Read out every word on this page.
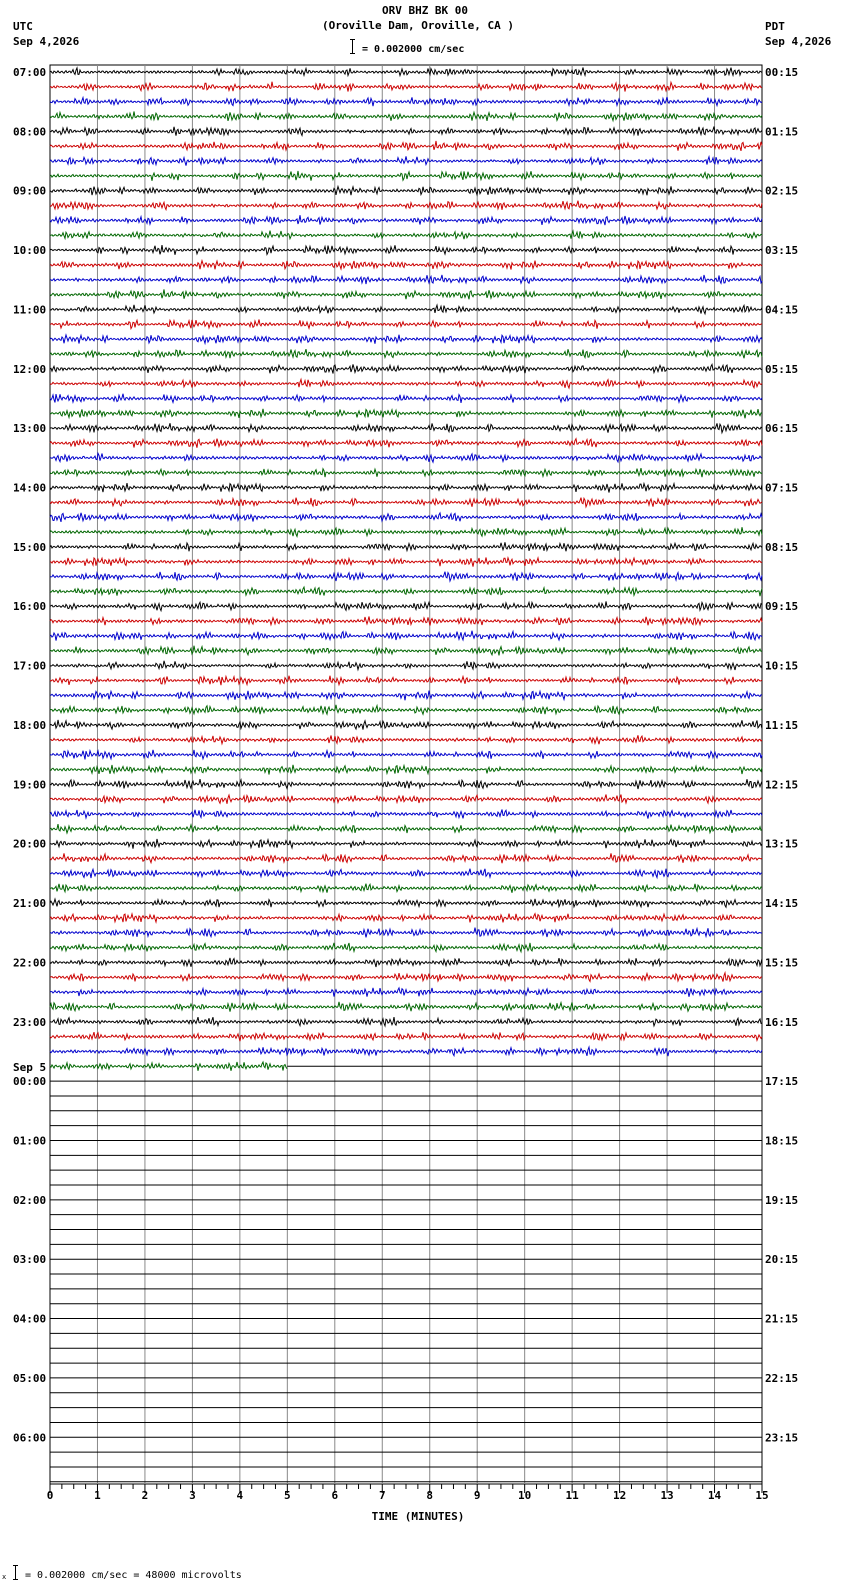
ORV BHZ BK 00
(Oroville Dam, Oroville, CA )
= 0.002000 cm/sec
UTC
Sep 4,2026
PDT
Sep 4,2026
07:00
08:00
09:00
10:00
11:00
12:00
13:00
14:00
15:00
16:00
17:00
18:00
19:00
20:00
21:00
22:00
23:00
00:00
01:00
02:00
03:00
04:00
05:00
06:00
00:15
01:15
02:15
03:15
04:15
05:15
06:15
07:15
08:15
09:15
10:15
11:15
12:15
13:15
14:15
15:15
16:15
17:15
18:15
19:15
20:15
21:15
22:15
23:15
Sep 5
0	1	2	3	4	5	6	7	8	9	10	11	12	13	14	15
TIME (MINUTES)
x = 0.002000 cm/sec = 48000 microvolts
